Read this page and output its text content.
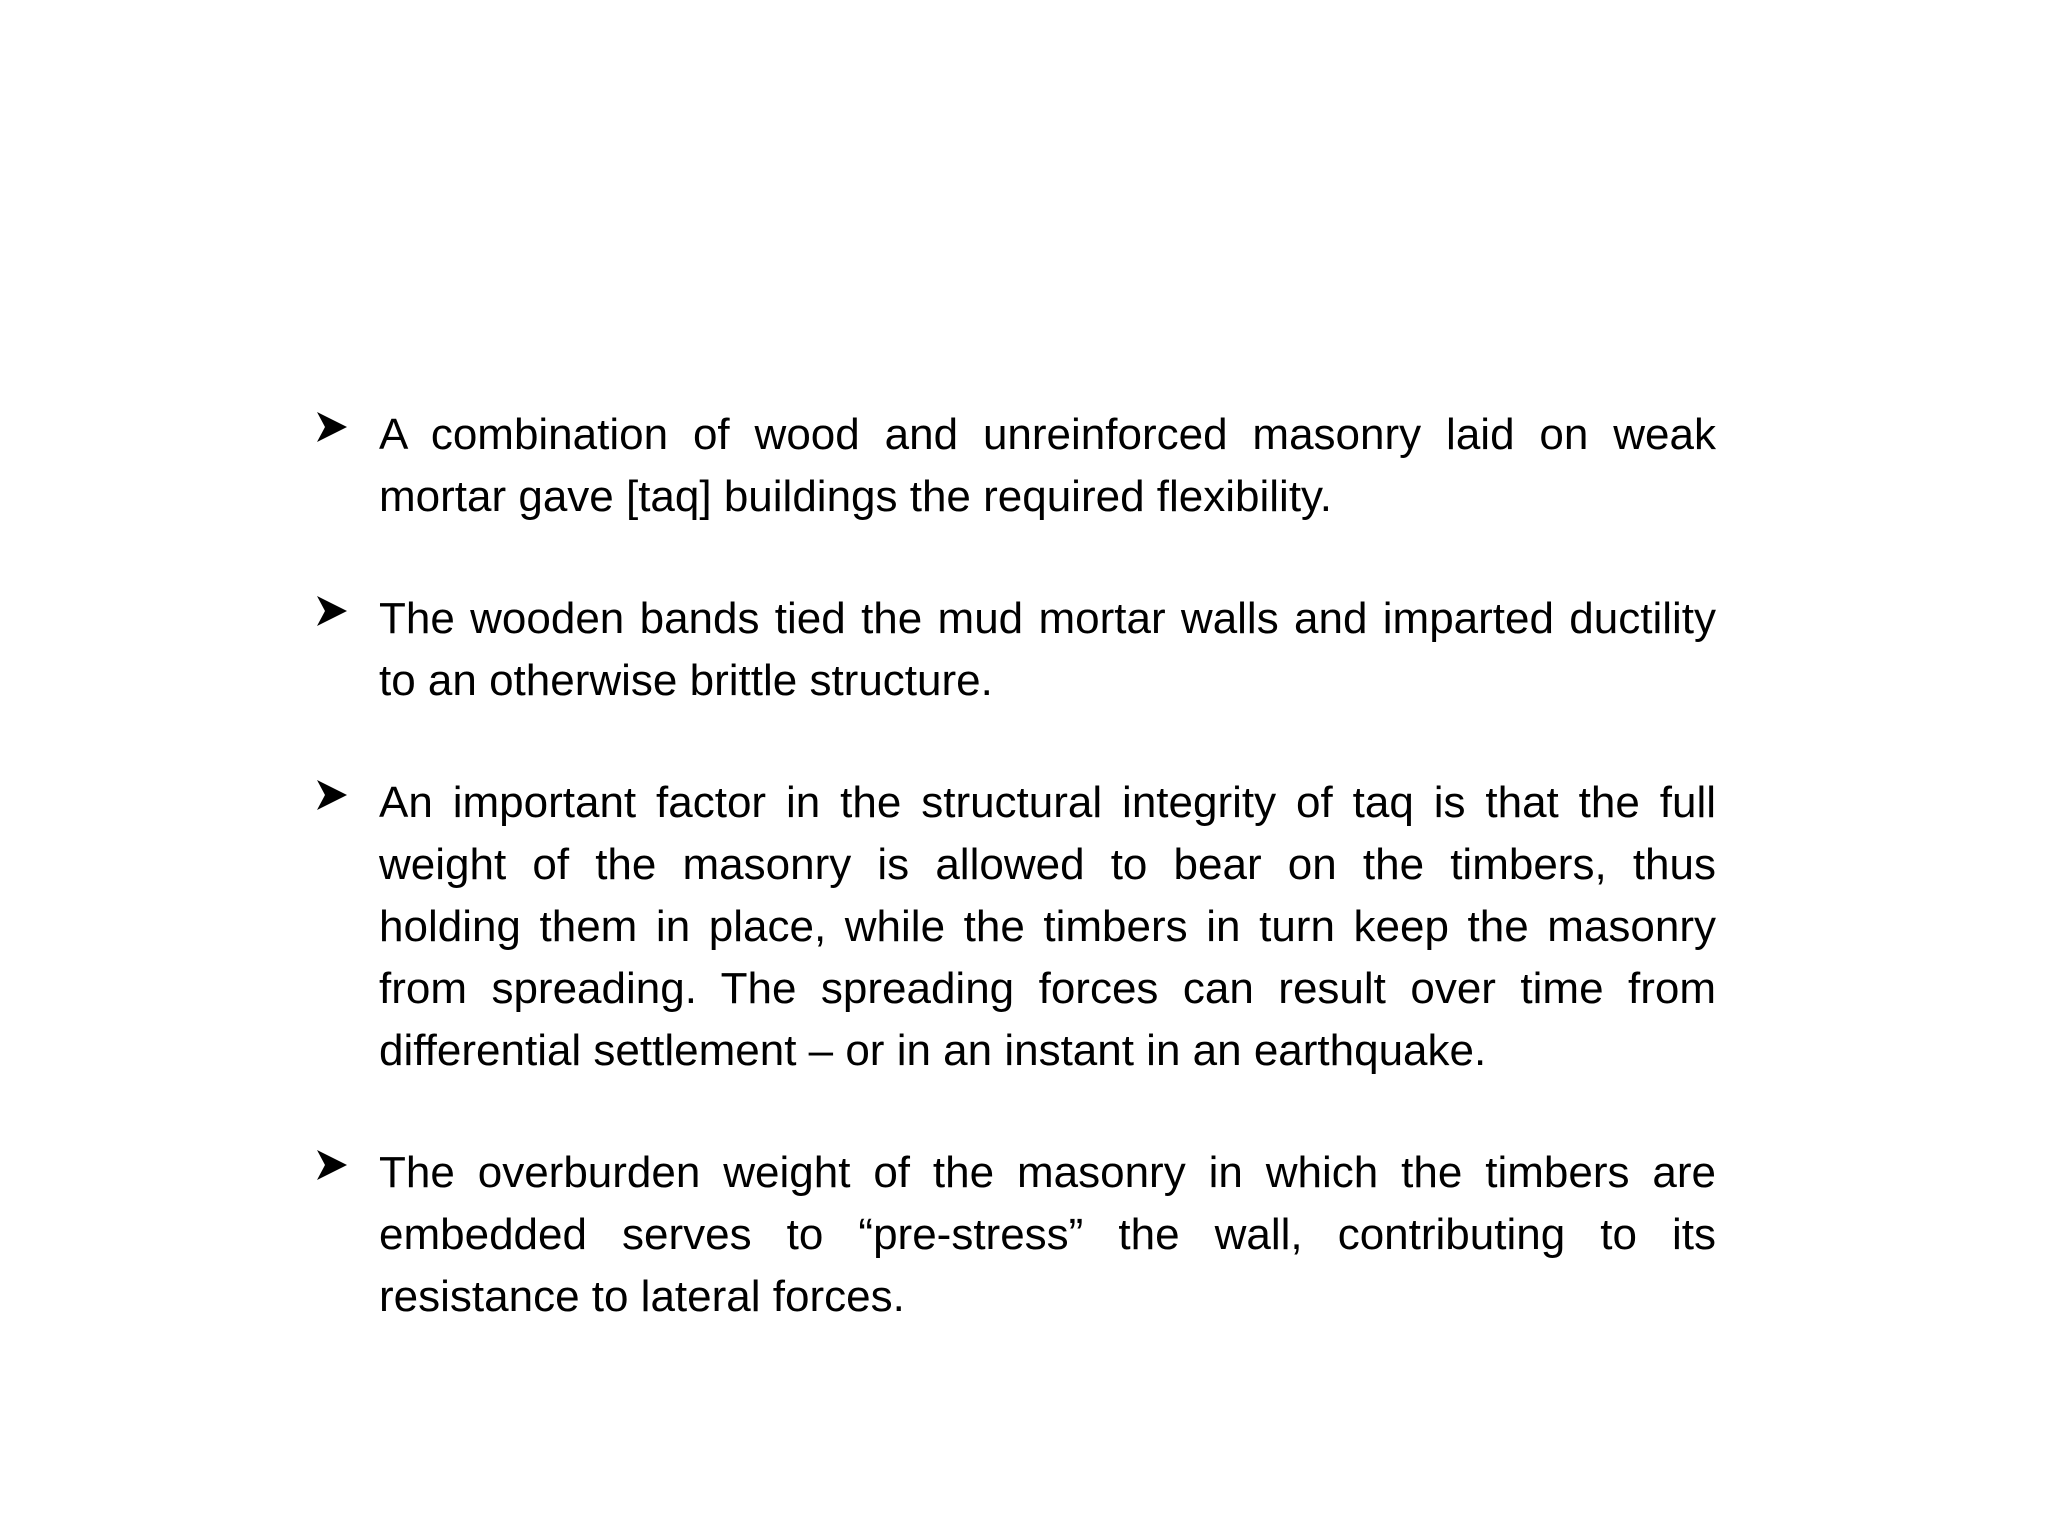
A combination of wood and unreinforced masonry laid on weak mortar gave [taq] buildings the required flexibility.
The wooden bands tied the mud mortar walls and imparted ductility to an otherwise brittle structure.
An important factor in the structural integrity of taq is that the full weight of the masonry is allowed to bear on the timbers, thus holding them in place, while the timbers in turn keep the masonry from spreading. The spreading forces can result over time from differential settlement – or in an instant in an earthquake.
The overburden weight of the masonry in which the timbers are embedded serves to “pre-stress” the wall, contributing to its resistance to lateral forces.
